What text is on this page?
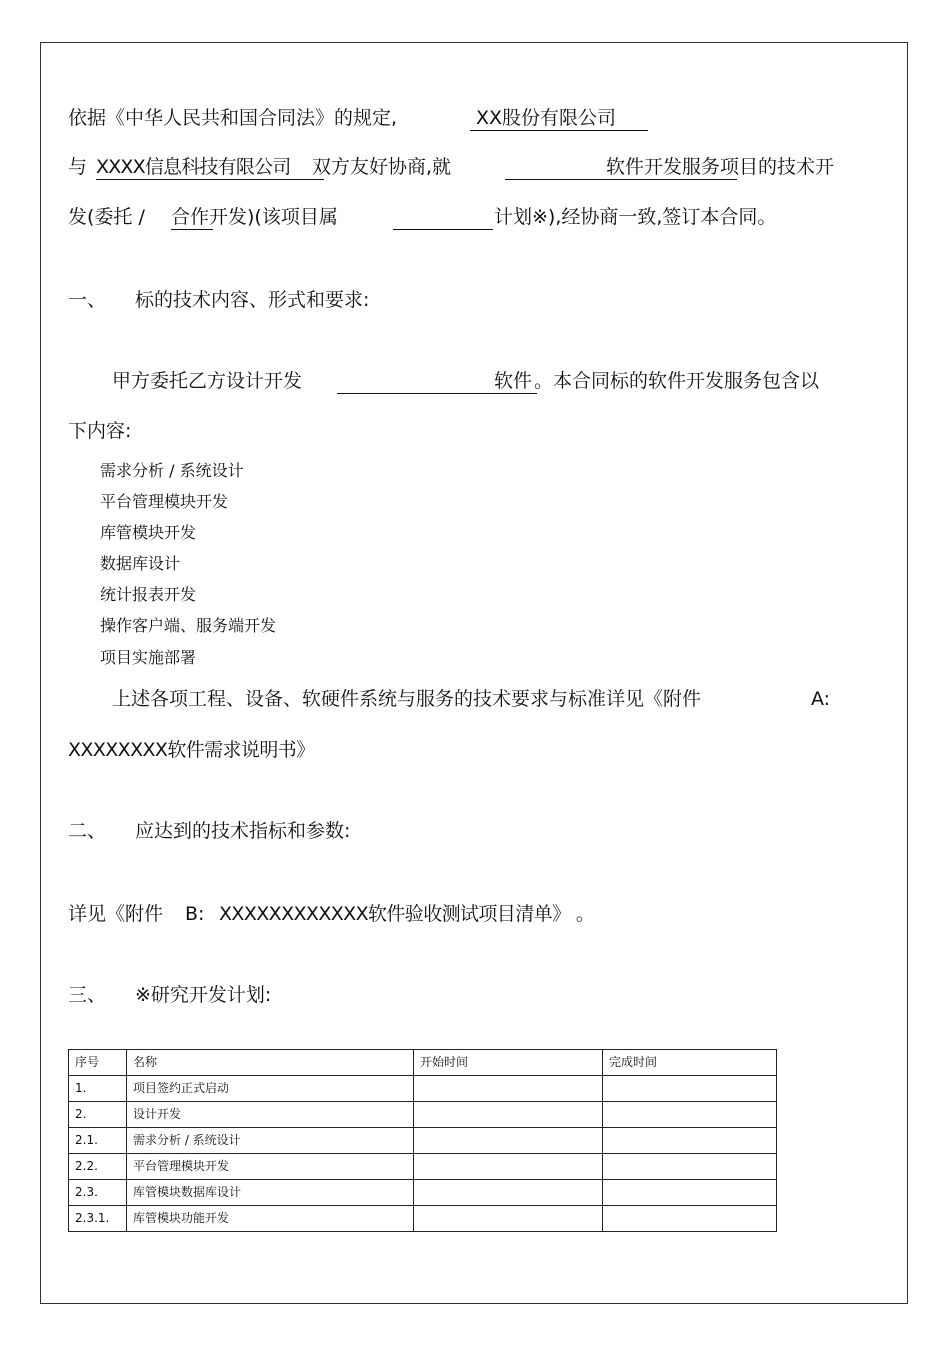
依据《中华人民共和国合同法》的规定,	XX股份有限公司
与 XXXX信息科技有限公司 双方友好协商,就	软件开发服务项目的技术开
发(委托 / 合作开发 )(该项目属	计划※),经协商一致,签订本合同。
一、 标的技术内容、形式和要求:
甲方委托乙方设计开发	软件 。本合同标的软件开发服务包含以
下内容:
需求分析 / 系统设计
平台管理模块开发
库管模块开发
数据库设计
统计报表开发
操作客户端、服务端开发
项目实施部署
上述各项工程、设备、软硬件系统与服务的技术要求与标准详见《附件	A:
XXXXXXXX软件需求说明书》
二、 应达到的技术指标和参数:
详见《附件 B: XXXXXXXXXXXX软件验收测试项目清单》 。
三、 ※研究开发计划:
序号	名称	开始时间	完成时间
1.	项目签约正式启动		
2.	设计开发		
2.1.	需求分析 / 系统设计		
2.2.	平台管理模块开发		
2.3.	库管模块数据库设计		
2.3.1.	库管模块功能开发		
